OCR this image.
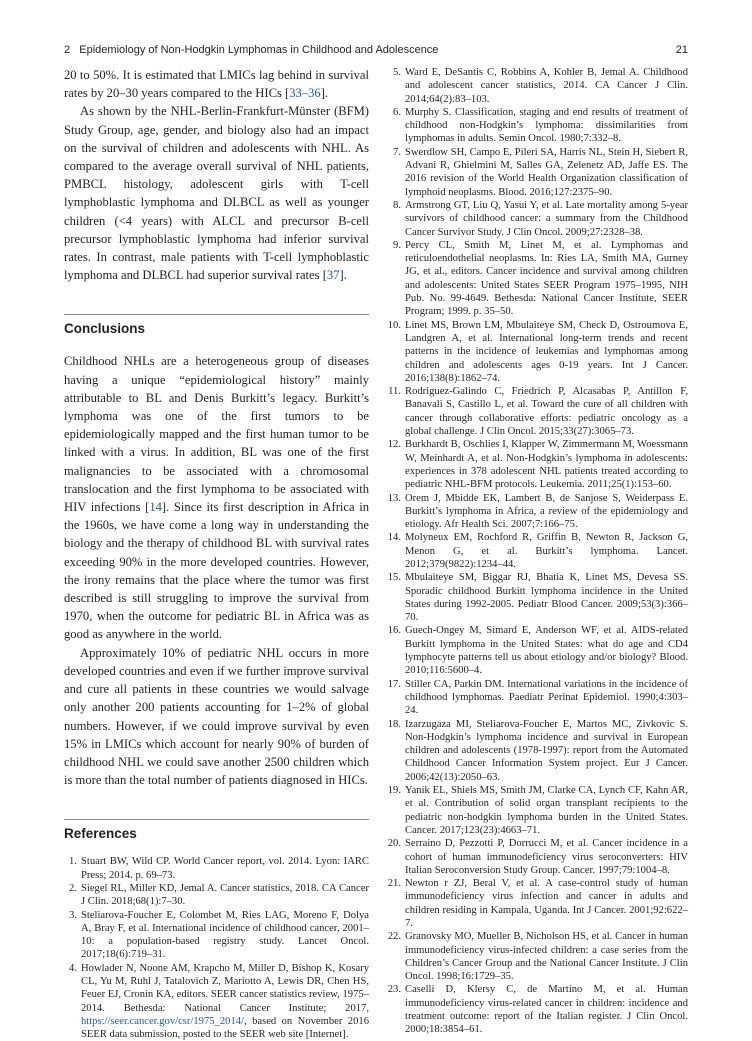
2   Epidemiology of Non-Hodgkin Lymphomas in Childhood and Adolescence	21

20 to 50%. It is estimated that LMICs lag behind in survival rates by 20–30 years compared to the HICs [33–36].

As shown by the NHL-Berlin-Frankfurt-Münster (BFM) Study Group, age, gender, and biology also had an impact on the survival of children and adolescents with NHL. As compared to the average overall survival of NHL patients, PMBCL histology, adolescent girls with T-cell lymphoblastic lymphoma and DLBCL as well as younger children (<4 years) with ALCL and precursor B-cell precursor lymphoblastic lymphoma had inferior survival rates. In contrast, male patients with T-cell lymphoblastic lymphoma and DLBCL had superior survival rates [37].

Conclusions

Childhood NHLs are a heterogeneous group of diseases having a unique “epidemiological history” mainly attributable to BL and Denis Burkitt’s legacy. Burkitt’s lymphoma was one of the first tumors to be epidemiologically mapped and the first human tumor to be linked with a virus. In addition, BL was one of the first malignancies to be associated with a chromosomal translocation and the first lymphoma to be associated with HIV infections [14]. Since its first description in Africa in the 1960s, we have come a long way in understanding the biology and the therapy of childhood BL with survival rates exceeding 90% in the more developed countries. However, the irony remains that the place where the tumor was first described is still struggling to improve the survival from 1970, when the outcome for pediatric BL in Africa was as good as anywhere in the world.

Approximately 10% of pediatric NHL occurs in more developed countries and even if we further improve survival and cure all patients in these countries we would salvage only another 200 patients accounting for 1–2% of global numbers. However, if we could improve survival by even 15% in LMICs which account for nearly 90% of burden of childhood NHL we could save another 2500 children which is more than the total number of patients diagnosed in HICs.

References
1. Stuart BW, Wild CP. World Cancer report, vol. 2014. Lyon: IARC Press; 2014. p. 69–73.
2. Siegel RL, Miller KD, Jemal A. Cancer statistics, 2018. CA Cancer J Clin. 2018;68(1):7–30.
3. Steliarova-Foucher E, Colombet M, Ries LAG, Moreno F, Dolya A, Bray F, et al. International incidence of childhood cancer, 2001–10: a population-based registry study. Lancet Oncol. 2017;18(6):719–31.
4. Howlader N, Noone AM, Krapcho M, Miller D, Bishop K, Kosary CL, Yu M, Ruhl J, Tatalovich Z, Mariotto A, Lewis DR, Chen HS, Feuer EJ, Cronin KA, editors. SEER cancer statistics review, 1975–2014. Bethesda: National Cancer Institute; 2017, https://seer.cancer.gov/csr/1975_2014/, based on November 2016 SEER data submission, posted to the SEER web site [Internet].
5. Ward E, DeSantis C, Robbins A, Kohler B, Jemal A. Childhood and adolescent cancer statistics, 2014. CA Cancer J Clin. 2014;64(2):83–103.
6. Murphy S. Classification, staging and end results of treatment of childhood non-Hodgkin’s lymphoma: dissimilarities from lymphomas in adults. Semin Oncol. 1980;7:332–8.
7. Swerdlow SH, Campo E, Pileri SA, Harris NL, Stein H, Siebert R, Advani R, Ghielmini M, Salles GA, Zelenetz AD, Jaffe ES. The 2016 revision of the World Health Organization classification of lymphoid neoplasms. Blood. 2016;127:2375–90.
8. Armstrong GT, Liu Q, Yasui Y, et al. Late mortality among 5-year survivors of childhood cancer: a summary from the Childhood Cancer Survivor Study. J Clin Oncol. 2009;27:2328–38.
9. Percy CL, Smith M, Linet M, et al. Lymphomas and reticuloendothelial neoplasms. In: Ries LA, Smith MA, Gurney JG, et al., editors. Cancer incidence and survival among children and adolescents: United States SEER Program 1975–1995, NIH Pub. No. 99-4649. Bethesda: National Cancer Institute, SEER Program; 1999. p. 35–50.
10. Linet MS, Brown LM, Mbulaiteye SM, Check D, Ostroumova E, Landgren A, et al. International long-term trends and recent patterns in the incidence of leukemias and lymphomas among children and adolescents ages 0-19 years. Int J Cancer. 2016;138(8):1862–74.
11. Rodriguez-Galindo C, Friedrich P, Alcasabas P, Antillon F, Banavali S, Castillo L, et al. Toward the cure of all children with cancer through collaborative efforts: pediatric oncology as a global challenge. J Clin Oncol. 2015;33(27):3065–73.
12. Burkhardt B, Oschlies I, Klapper W, Zimmermann M, Woessmann W, Meinhardt A, et al. Non-Hodgkin’s lymphoma in adolescents: experiences in 378 adolescent NHL patients treated according to pediatric NHL-BFM protocols. Leukemia. 2011;25(1):153–60.
13. Orem J, Mbidde EK, Lambert B, de Sanjose S, Weiderpass E. Burkitt’s lymphoma in Africa, a review of the epidemiology and etiology. Afr Health Sci. 2007;7:166–75.
14. Molyneux EM, Rochford R, Griffin B, Newton R, Jackson G, Menon G, et al. Burkitt’s lymphoma. Lancet. 2012;379(9822):1234–44.
15. Mbulaiteye SM, Biggar RJ, Bhatia K, Linet MS, Devesa SS. Sporadic childhood Burkitt lymphoma incidence in the United States during 1992-2005. Pediatr Blood Cancer. 2009;53(3):366–70.
16. Guech-Ongey M, Simard E, Anderson WF, et al. AIDS-related Burkitt lymphoma in the United States: what do age and CD4 lymphocyte patterns tell us about etiology and/or biology? Blood. 2010;116:5600–4.
17. Stiller CA, Parkin DM. International variations in the incidence of childhood lymphomas. Paediatr Perinat Epidemiol. 1990;4:303–24.
18. Izarzugaza MI, Steliarova-Foucher E, Martos MC, Zivkovic S. Non-Hodgkin’s lymphoma incidence and survival in European children and adolescents (1978-1997): report from the Automated Childhood Cancer Information System project. Eur J Cancer. 2006;42(13):2050–63.
19. Yanik EL, Shiels MS, Smith JM, Clarke CA, Lynch CF, Kahn AR, et al. Contribution of solid organ transplant recipients to the pediatric non-hodgkin lymphoma burden in the United States. Cancer. 2017;123(23):4663–71.
20. Serraino D, Pezzotti P, Dorrucci M, et al. Cancer incidence in a cohort of human immunodeficiency virus seroconverters: HIV Italian Seroconversion Study Group. Cancer. 1997;79:1004–8.
21. Newton r ZJ, Beral V, et al. A case-control study of human immunodeficiency virus infection and cancer in adults and children residing in Kampala, Uganda. Int J Cancer. 2001;92:622–7.
22. Granovsky MO, Mueller B, Nicholson HS, et al. Cancer in human immunodeficiency virus-infected children: a case series from the Children’s Cancer Group and the National Cancer Institute. J Clin Oncol. 1998;16:1729–35.
23. Caselli D, Klersy C, de Martino M, et al. Human immunodeficiency virus-related cancer in children: incidence and treatment outcome: report of the Italian register. J Clin Oncol. 2000;18:3854–61.
